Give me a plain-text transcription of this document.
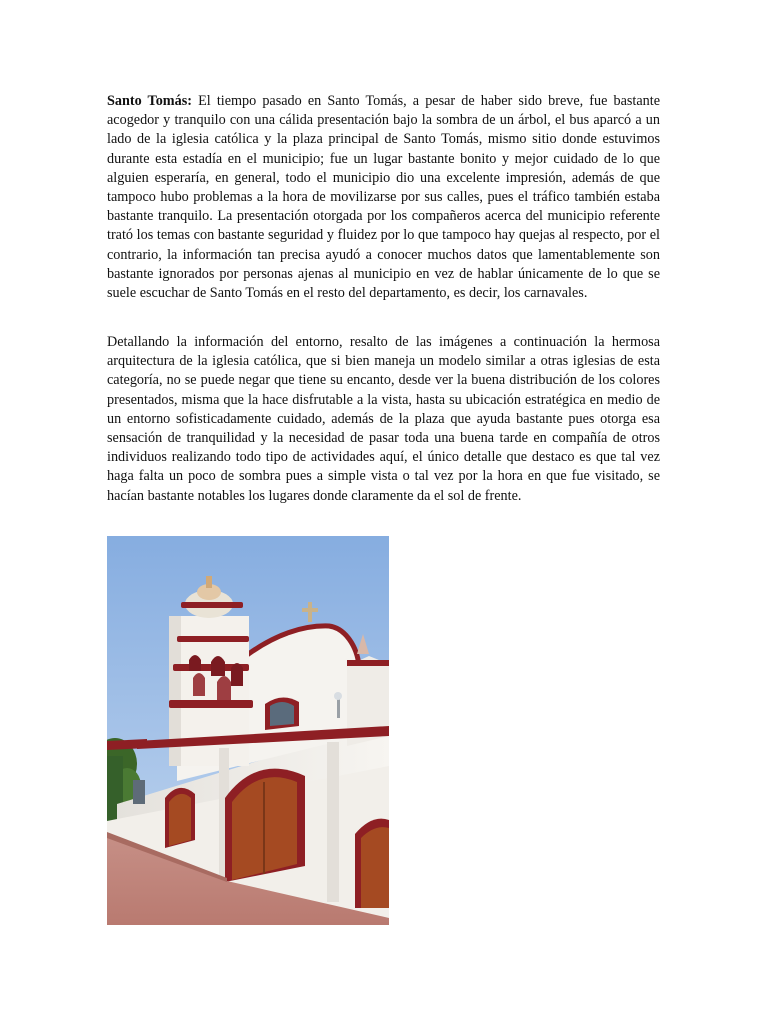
Santo Tomás: El tiempo pasado en Santo Tomás, a pesar de haber sido breve, fue bastante acogedor y tranquilo con una cálida presentación bajo la sombra de un árbol, el bus aparcó a un lado de la iglesia católica y la plaza principal de Santo Tomás, mismo sitio donde estuvimos durante esta estadía en el municipio; fue un lugar bastante bonito y mejor cuidado de lo que alguien esperaría, en general, todo el municipio dio una excelente impresión, además de que tampoco hubo problemas a la hora de movilizarse por sus calles, pues el tráfico también estaba bastante tranquilo. La presentación otorgada por los compañeros acerca del municipio referente trató los temas con bastante seguridad y fluidez por lo que tampoco hay quejas al respecto, por el contrario, la información tan precisa ayudó a conocer muchos datos que lamentablemente son bastante ignorados por personas ajenas al municipio en vez de hablar únicamente de lo que se suele escuchar de Santo Tomás en el resto del departamento, es decir, los carnavales.

Detallando la información del entorno, resalto de las imágenes a continuación la hermosa arquitectura de la iglesia católica, que si bien maneja un modelo similar a otras iglesias de esta categoría, no se puede negar que tiene su encanto, desde ver la buena distribución de los colores presentados, misma que la hace disfrutable a la vista, hasta su ubicación estratégica en medio de un entorno sofisticadamente cuidado, además de la plaza que ayuda bastante pues otorga esa sensación de tranquilidad y la necesidad de pasar toda una buena tarde en compañía de otros individuos realizando todo tipo de actividades aquí, el único detalle que destaco es que tal vez haga falta un poco de sombra pues a simple vista o tal vez por la hora en que fue visitado, se hacían bastante notables los lugares donde claramente da el sol de frente.
